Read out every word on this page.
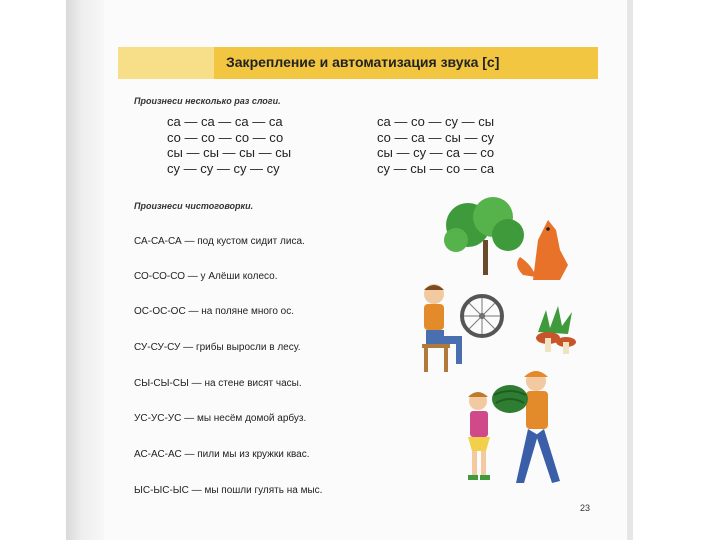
Закрепление и автоматизация звука [с]
Произнеси несколько раз слоги.
са — са — са — са
со — со — со — со
сы — сы — сы — сы
су — су — су — су
са — со — су — сы
со — са — сы — су
сы — су — са — со
су — сы — со — са
Произнеси чистоговорки.
СА-СА-СА — под кустом сидит лиса.
СО-СО-СО — у Алёши колесо.
ОС-ОС-ОС — на поляне много ос.
СУ-СУ-СУ — грибы выросли в лесу.
СЫ-СЫ-СЫ — на стене висят часы.
УС-УС-УС — мы несём домой арбуз.
АС-АС-АС — пили мы из кружки квас.
ЫС-ЫС-ЫС — мы пошли гулять на мыс.
23
